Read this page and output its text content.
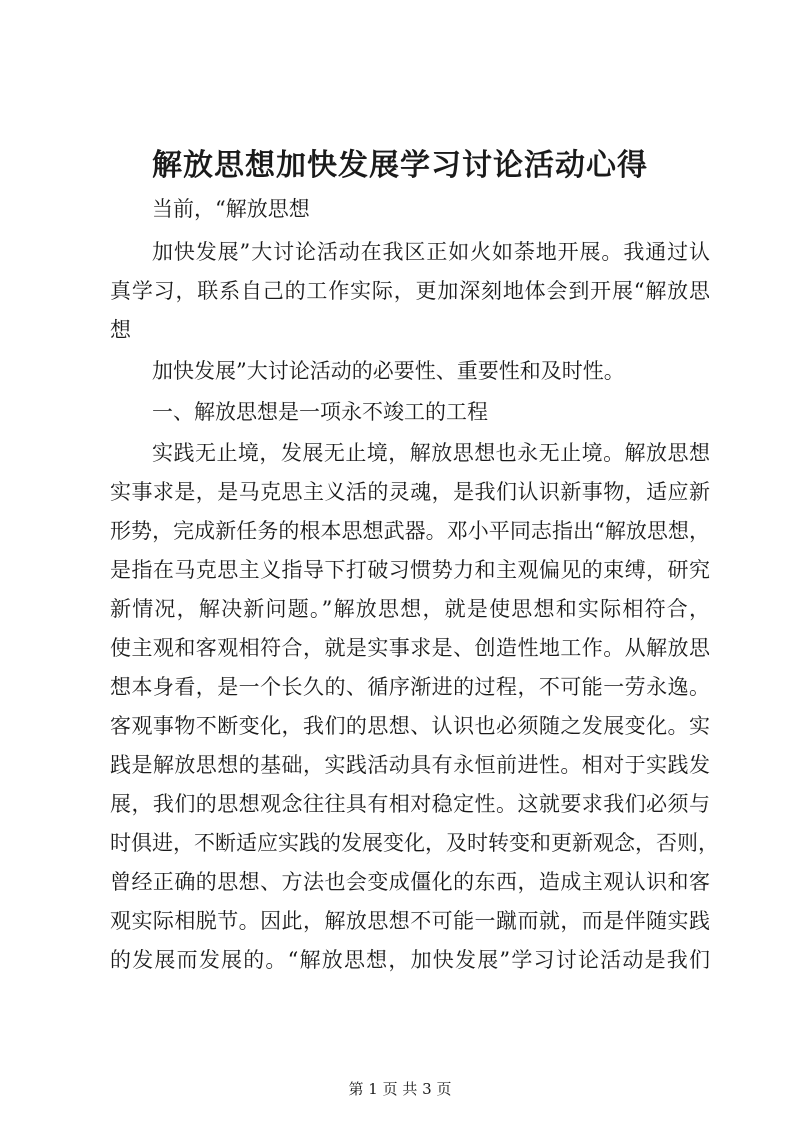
解放思想加快发展学习讨论活动心得
当前，“解放思想
加快发展”大讨论活动在我区正如火如荼地开展。我通过认
真学习，联系自己的工作实际，更加深刻地体会到开展“解放思
想
加快发展”大讨论活动的必要性、重要性和及时性。
一、解放思想是一项永不竣工的工程
实践无止境，发展无止境，解放思想也永无止境。解放思想
实事求是，是马克思主义活的灵魂，是我们认识新事物，适应新
形势，完成新任务的根本思想武器。邓小平同志指出“解放思想，
是指在马克思主义指导下打破习惯势力和主观偏见的束缚，研究
新情况，解决新问题。”解放思想，就是使思想和实际相符合，
使主观和客观相符合，就是实事求是、创造性地工作。从解放思
想本身看，是一个长久的、循序渐进的过程，不可能一劳永逸。
客观事物不断变化，我们的思想、认识也必须随之发展变化。实
践是解放思想的基础，实践活动具有永恒前进性。相对于实践发
展，我们的思想观念往往具有相对稳定性。这就要求我们必须与
时俱进，不断适应实践的发展变化，及时转变和更新观念，否则，
曾经正确的思想、方法也会变成僵化的东西，造成主观认识和客
观实际相脱节。因此，解放思想不可能一蹴而就，而是伴随实践
的发展而发展的。“解放思想，加快发展”学习讨论活动是我们
第 1 页 共 3 页
